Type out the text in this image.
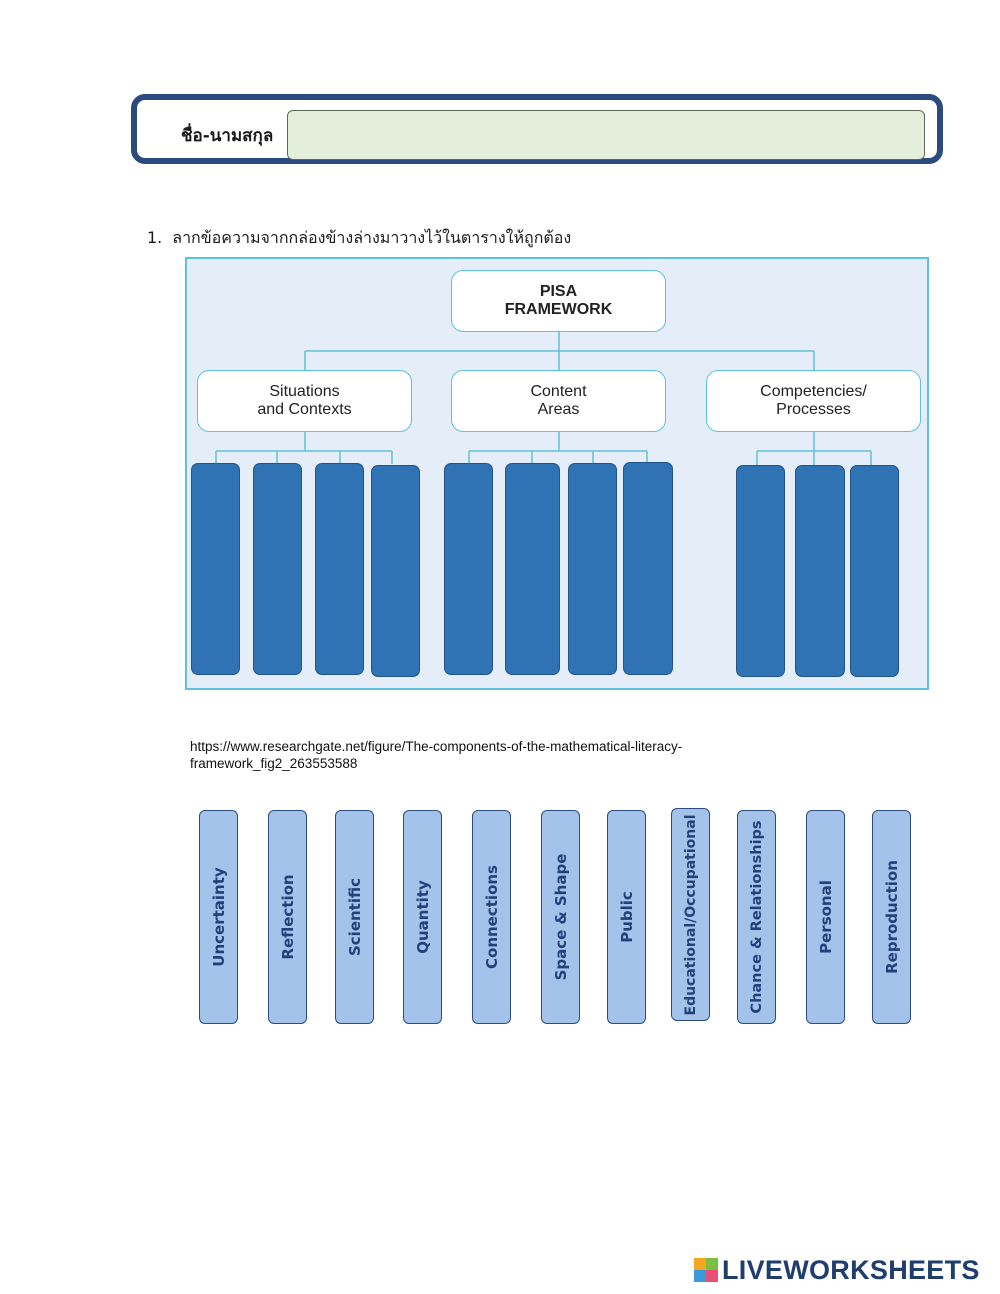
ชื่อ-นามสกุล
1. ลากข้อความจากกล่องข้างล่างมาวางไว้ในตารางให้ถูกต้อง
PISA
FRAMEWORK
Situations
and Contexts
Content
Areas
Competencies/
Processes
https://www.researchgate.net/figure/The-components-of-the-mathematical-literacy-framework_fig2_263553588
Uncertainty	Reflection	Scientific	Quantity	Connections	Space & Shape	Public	Educational/Occupational	Chance & Relationships	Personal	Reproduction
LIVEWORKSHEETS
